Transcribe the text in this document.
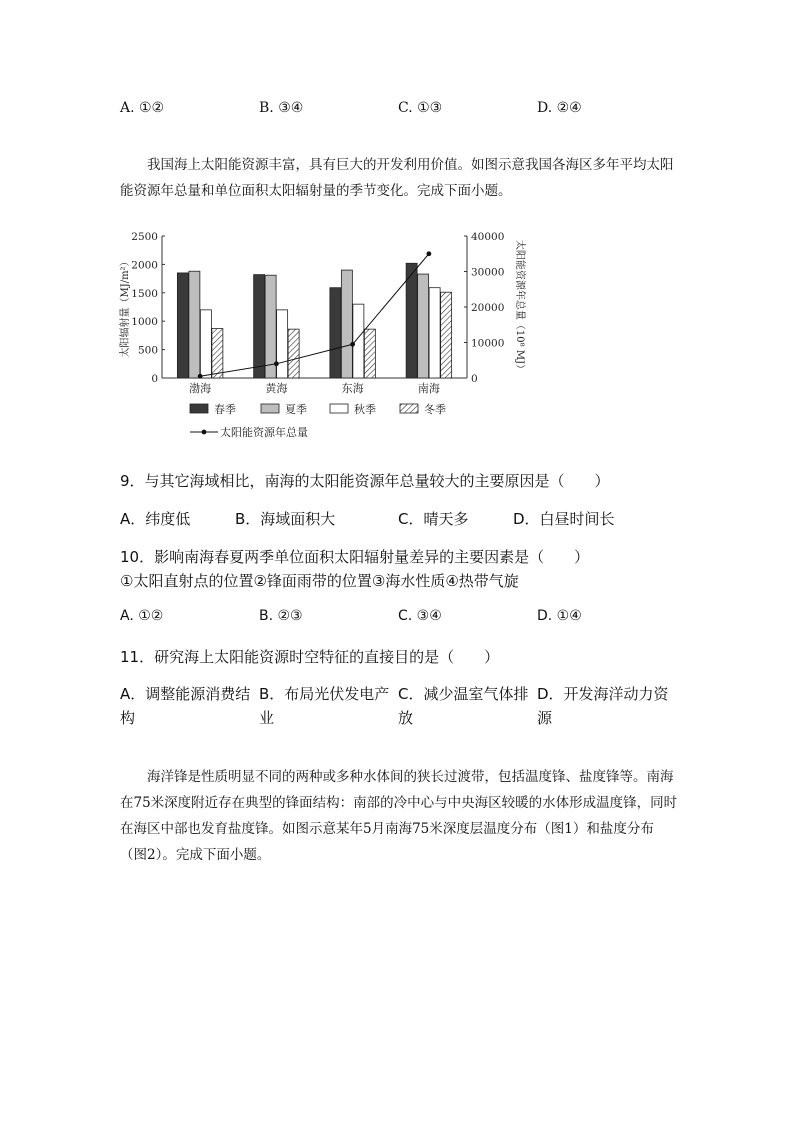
A. ①②	B. ③④	C. ①③	D. ②④
我国海上太阳能资源丰富，具有巨大的开发利用价值。如图示意我国各海区多年平均太阳能资源年总量和单位面积太阳辐射量的季节变化。完成下面小题。
0
500
1000
1500
2000
2500
0
10000
20000
30000
40000
太阳辐射量（MJ/m²）	太阳能资源年总量（10⁸ MJ）
渤海	黄海	东海	南海
春季	夏季	秋季	冬季
太阳能资源年总量
9．与其它海域相比，南海的太阳能资源年总量较大的主要原因是（　　）
A．纬度低	B．海域面积大	C．晴天多	D．白昼时间长
10．影响南海春夏两季单位面积太阳辐射量差异的主要因素是（　　）
①太阳直射点的位置②锋面雨带的位置③海水性质④热带气旋
A. ①②	B. ②③	C. ③④	D. ①④
11．研究海上太阳能资源时空特征的直接目的是（　　）
A．调整能源消费结构
B．布局光伏发电产业
C．减少温室气体排放
D．开发海洋动力资源
海洋锋是性质明显不同的两种或多种水体间的狭长过渡带，包括温度锋、盐度锋等。南海在75米深度附近存在典型的锋面结构：南部的冷中心与中央海区较暖的水体形成温度锋，同时在海区中部也发育盐度锋。如图示意某年5月南海75米深度层温度分布（图1）和盐度分布（图2）。完成下面小题。
